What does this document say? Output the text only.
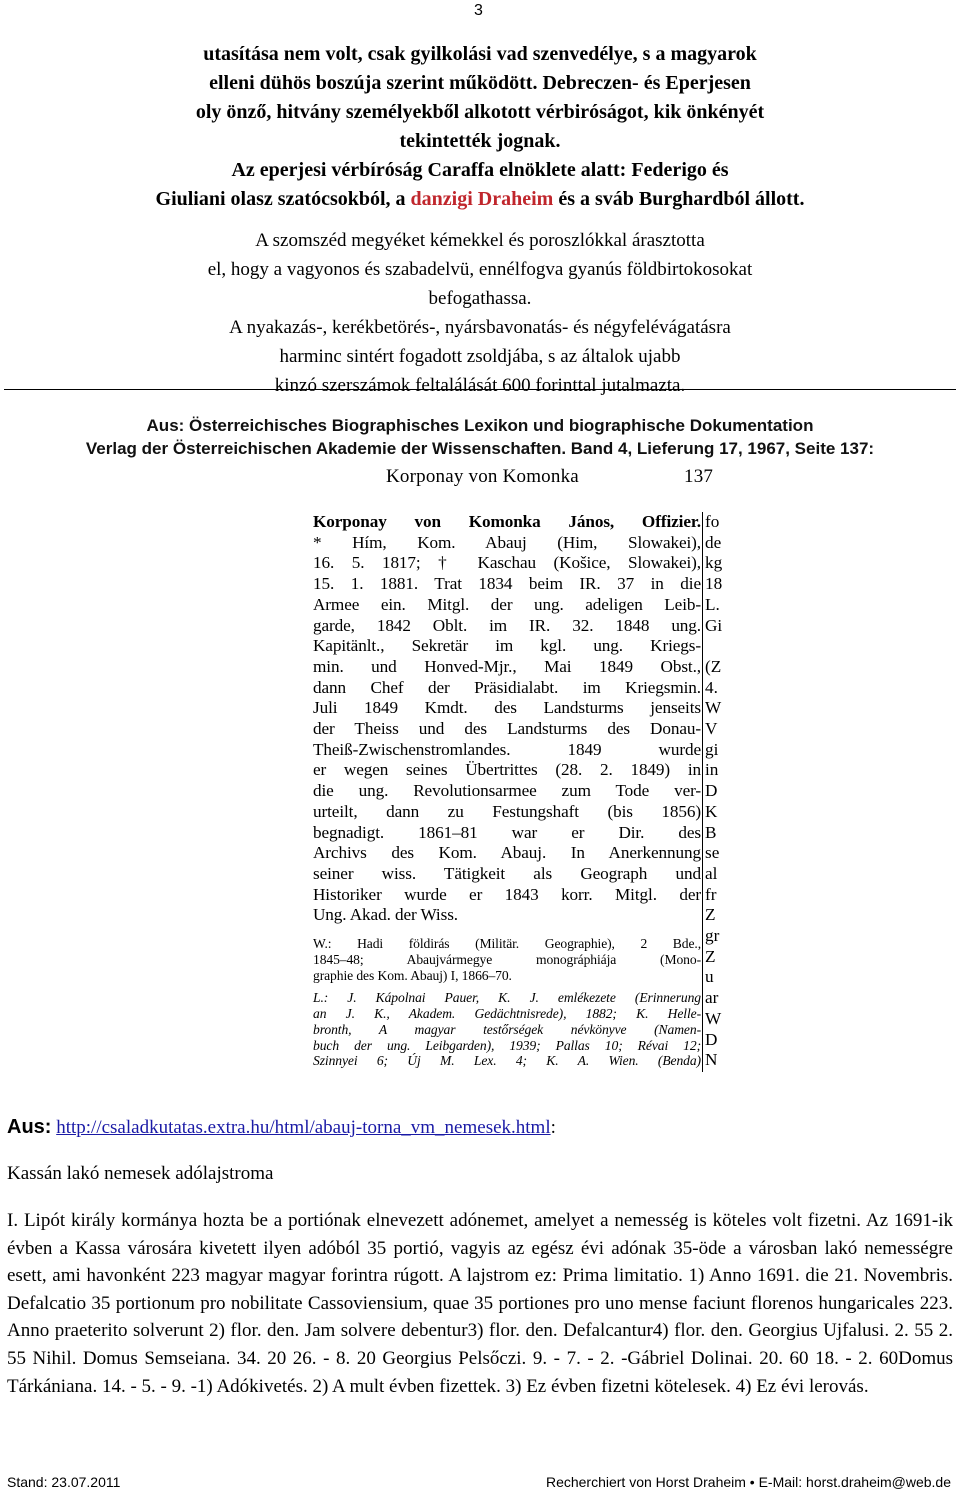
3
utasítása nem volt, csak gyilkolási vad szenvedélye, s a magyarok
elleni dühös boszúja szerint működött. Debreczen- és Eperjesen
oly önző, hitvány személyekből alkotott vérbiróságot, kik önkényét
tekintették jognak.
Az eperjesi vérbíróság Caraffa elnöklete alatt: Federigo és
Giuliani olasz szatócsokból, a danzigi Draheim és a sváb Burghardból állott.
A szomszéd megyéket kémekkel és poroszlókkal árasztotta
el, hogy a vagyonos és szabadelvü, ennélfogva gyanús földbirtokosokat
befogathassa.
A nyakazás-, kerékbetörés-, nyársbavonatás- és négyfelévágatásra
harminc sintért fogadott zsoldjába, s az általok ujabb
kinzó szerszámok feltalálását 600 forinttal jutalmazta.
Aus: Österreichisches Biographisches Lexikon und biographische Dokumentation
Verlag der Österreichischen Akademie der Wissenschaften. Band 4, Lieferung 17, 1967, Seite 137:
Korponay von Komonka	137
Korponay von Komonka János, Offizier.
* Hím, Kom. Abauj (Him, Slowakei),
16. 5. 1817; † Kaschau (Košice, Slowakei),
15. 1. 1881. Trat 1834 beim IR. 37 in die
Armee ein. Mitgl. der ung. adeligen Leib-
garde, 1842 Oblt. im IR. 32. 1848 ung.
Kapitänlt., Sekretär im kgl. ung. Kriegs-
min. und Honved-Mjr., Mai 1849 Obst.,
dann Chef der Präsidialabt. im Kriegsmin.
Juli 1849 Kmdt. des Landsturms jenseits
der Theiss und des Landsturms des Donau-
Theiß-Zwischenstromlandes. 1849 wurde
er wegen seines Übertrittes (28. 2. 1849) in
die ung. Revolutionsarmee zum Tode ver-
urteilt, dann zu Festungshaft (bis 1856)
begnadigt. 1861–81 war er Dir. des
Archivs des Kom. Abauj. In Anerkennung
seiner wiss. Tätigkeit als Geograph und
Historiker wurde er 1843 korr. Mitgl. der
Ung. Akad. der Wiss.
W.: Hadi földirás (Militär. Geographie), 2 Bde.,
1845–48; Abaujvármegye monográphiája (Mono-
graphie des Kom. Abauj) I, 1866–70.
L.: J. Kápolnai Pauer, K. J. emlékezete (Erinnerung
an J. K., Akadem. Gedächtnisrede), 1882; K. Helle-
bronth, A magyar testőrségek névkönyve (Namen-
buch der ung. Leibgarden), 1939; Pallas 10; Révai 12;
Szinnyei 6; Új M. Lex. 4; K. A. Wien. (Benda)
fo
de
kg
18
L.
Gi

(Z
4.
W
V
gi
in
D
K
B
se
al
fr
Z
gr
Z
u
ar
W
D
N
Aus: http://csaladkutatas.extra.hu/html/abauj-torna_vm_nemesek.html:
Kassán lakó nemesek adólajstroma
I. Lipót király kormánya hozta be a portiónak elnevezett adónemet, amelyet a nemesség is köteles volt fizetni. Az 1691-ik évben a Kassa városára kivetett ilyen adóból 35 portió, vagyis az egész évi adónak 35-öde a városban lakó nemességre esett, ami havonként 223 magyar magyar forintra rúgott. A lajstrom ez: Prima limitatio. 1) Anno 1691. die 21. Novembris. Defalcatio 35 portionum pro nobilitate Cassoviensium, quae 35 portiones pro uno mense faciunt florenos hungaricales 223. Anno praeterito solverunt 2) flor. den. Jam solvere debentur3) flor. den. Defalcantur4) flor. den. Georgius Ujfalusi. 2. 55 2. 55 Nihil. Domus Semseiana. 34. 20 26. - 8. 20 Georgius Pelsőczi. 9. - 7. - 2. -Gábriel Dolinai. 20. 60 18. - 2. 60Domus Tárkániana. 14. - 5. - 9. -1) Adókivetés. 2) A mult évben fizettek. 3) Ez évben fizetni kötelesek. 4) Ez évi lerovás.
Stand: 23.07.2011	Recherchiert von Horst Draheim • E-Mail: horst.draheim@web.de
